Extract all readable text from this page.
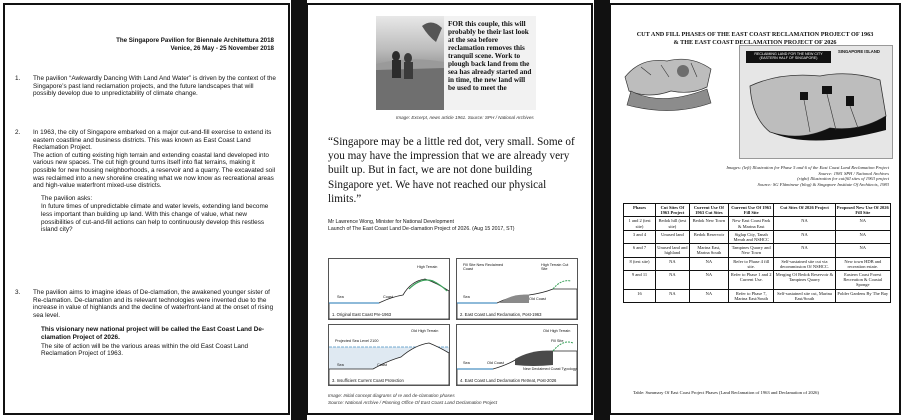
The Singapore Pavilion for Biennale Architettura 2018
Venice, 26 May - 25 November 2018
1. The pavilion “Awkwardly Dancing With Land And Water” is driven by the context of the Singapore’s past land reclamation projects, and the future landscapes that will possibly develop due to unpredictability of climate change.
2. In 1963, the city of Singapore embarked on a major cut-and-fill exercise to extend its eastern coastline and business districts. This was known as East Coast Land Reclamation Project.
The action of cutting existing high terrain and extending coastal land developed into various new spaces. The cut high ground turns itself into flat terrains, making it possible for new housing neighborhoods, a reservoir and a quarry. The excavated soil was reclaimed into a new shoreline creating what we now know as recreational areas and high-value waterfront mixed-use districts.
The pavilion asks:
In future times of unpredictable climate and water levels, extending land become less important than building up land. With this change of value, what new possibilities of cut-and-fill actions can help to continuously develop this restless island city?
3. The pavilion aims to imagine ideas of De-clamation, the awakened younger sister of Re-clamation. De-clamation and its relevant technologies were invented due to the increase in value of highlands and the decline of waterfront-land at the onset of rising sea level.
This visionary new national project will be called the East Coast Land De-clamation Project of 2026.
The site of action will be the various areas within the old East Coast Land Reclamation Project of 1963.
FOR this couple, this will probably be their last look at the sea before reclamation removes this tranquil scene. Work to plough back land from the sea has already started and in time, the new land will be used to meet the
Image: Excerpt, news article 1961. Source: SPH / National Archives
“Singapore may be a little red dot, very small. Some of you may have the impression that we are already very built up. But in fact, we are not done building Singapore yet. We have not reached our physical limits.”
Mr Lawrence Wong, Minister for National Development
Launch of The East Coast Land De-clamation Project of 2026. (Aug 15 2017, ST)
High Terrain
Sea	Coast
1. Original East Coast Pre-1963
Fill Site New Reclaimed Coast
High Terrain Cut Site
Sea	Old Coast
2. East Coast Land Reclamation, Post-1963
Projected Sea Level 2100
Old High Terrain
Sea	Coast
3. Insufficient Current Coast Protection
Old High Terrain
Fill Site
New Declaimed Coast Typology
Old Coast
Sea
4. East Coast Land Declamation Retreat, Post-2026
Image: Initial concept diagrams of re and de-clamation phases
Source: National Archive / Planning Office Of East Coast Land Declamation Project
CUT AND FILL PHASES OF THE EAST COAST RECLAMATION PROJECT OF 1963
& THE EAST COAST DECLAMATION PROJECT OF 2026
RECLAIMING LAND FOR THE NEW CITY (EASTERN HALF OF SINGAPORE)
SINGAPORE ISLAND
Images: (left) Illustration for Phase 5 and 6 of the East Coast Land Reclamation Project
Source: 1981 SPH / National Archives
(right) Illustration for cut/fill sites of 1963 project
Source: SG Flâmineur (blog) & Singapore Institute Of Architects, 1983
Phases	Cut Sites Of 1963 Project	Current Use Of 1963 Cut Sites	Current Use Of 1963 Fill Site	Cut Sites Of 2026 Project	Proposed New Use Of 2026 Fill Site
1 and 2 (test site)	Bedok hill (test site)	Bedok New Town	New East Coast Park & Marina East	NA	NA
3 and 4	Unused land	Bedok Reservoir	Siglap City, Tanah Merah and NSHCC	NA	NA
6 and 7	Unused land and highland	Marina East, Marina South	Tampines Quarry and New Town	NA	NA
8 (test site)	NA	NA	Refer to Phase 4 fill site.	Self-sustained site cut via decommission Of NSHCC.	New town HDB and recreation estate.
9 and 11	NA	NA	Refer to Phase 1 and 2 Current Use.	Merging Of Bedok Reservoir & Tampines Quarry	Eastern Coast Forest Recreation & Coastal Sponge
16	NA	NA	Refer to Phase 7, Marina East/South	Self-sustained site cut, Marina East/South	Polder Gardens By The Bay
Table: Summary Of East Coast Project Phases (Land Reclamation of 1963 and Declamation of 2026)
